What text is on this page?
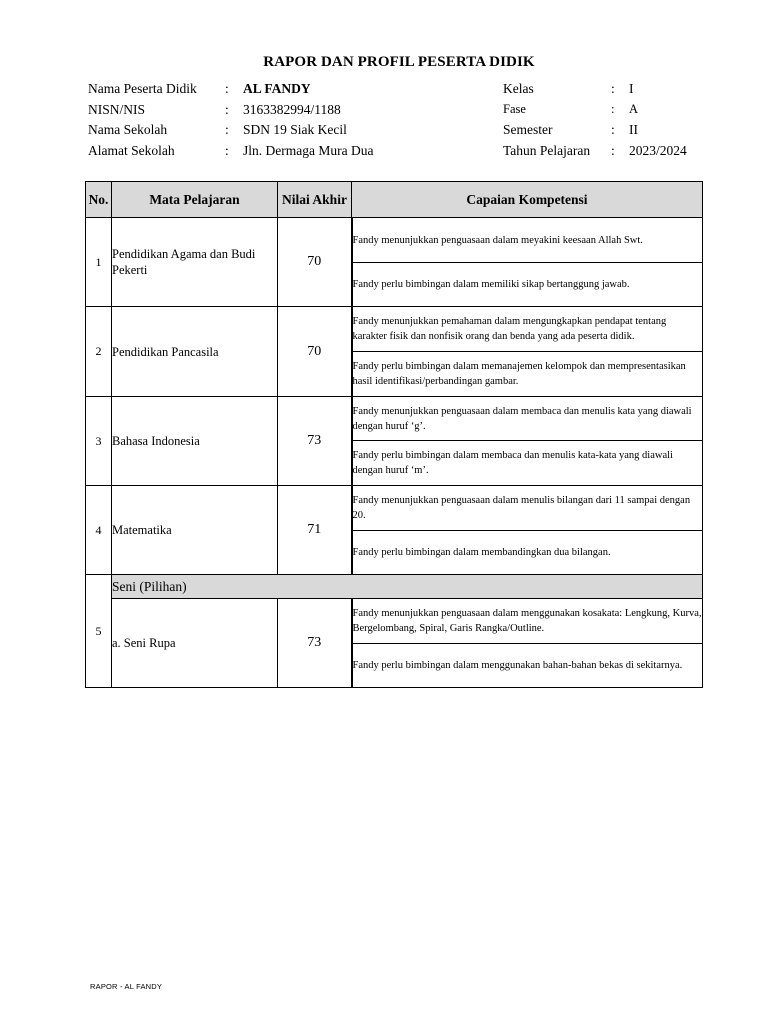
RAPOR DAN PROFIL PESERTA DIDIK
Nama Peserta Didik : AL FANDY
NISN/NIS	: 3163382994/1188
Nama Sekolah	: SDN 19 Siak Kecil
Alamat Sekolah	: Jln. Dermaga Mura Dua
Kelas	: I
Fase	: A
Semester	: II
Tahun Pelajaran : 2023/2024
No.	Mata Pelajaran	Nilai Akhir	Capaian Kompetensi
1	Pendidikan Agama dan Budi Pekerti	70	Fandy menunjukkan penguasaan dalam meyakini keesaan Allah Swt.
			Fandy perlu bimbingan dalam memiliki sikap bertanggung jawab.
2	Pendidikan Pancasila	70	Fandy menunjukkan pemahaman dalam mengungkapkan pendapat tentang karakter fisik dan nonfisik orang dan benda yang ada peserta didik.
			Fandy perlu bimbingan dalam memanajemen kelompok dan mempresentasikan hasil identifikasi/perbandingan gambar.
3	Bahasa Indonesia	73	Fandy menunjukkan penguasaan dalam membaca dan menulis kata yang diawali dengan huruf ‘g’.
			Fandy perlu bimbingan dalam membaca dan menulis kata-kata yang diawali dengan huruf ‘m’.
4	Matematika	71	Fandy menunjukkan penguasaan dalam menulis bilangan dari 11 sampai dengan 20.
			Fandy perlu bimbingan dalam membandingkan dua bilangan.
5	Seni (Pilihan)		
	a. Seni Rupa	73	Fandy menunjukkan penguasaan dalam menggunakan kosakata: Lengkung, Kurva, Bergelombang, Spiral, Garis Rangka/Outline.
			Fandy perlu bimbingan dalam menggunakan bahan-bahan bekas di sekitarnya.
RAPOR - AL FANDY
